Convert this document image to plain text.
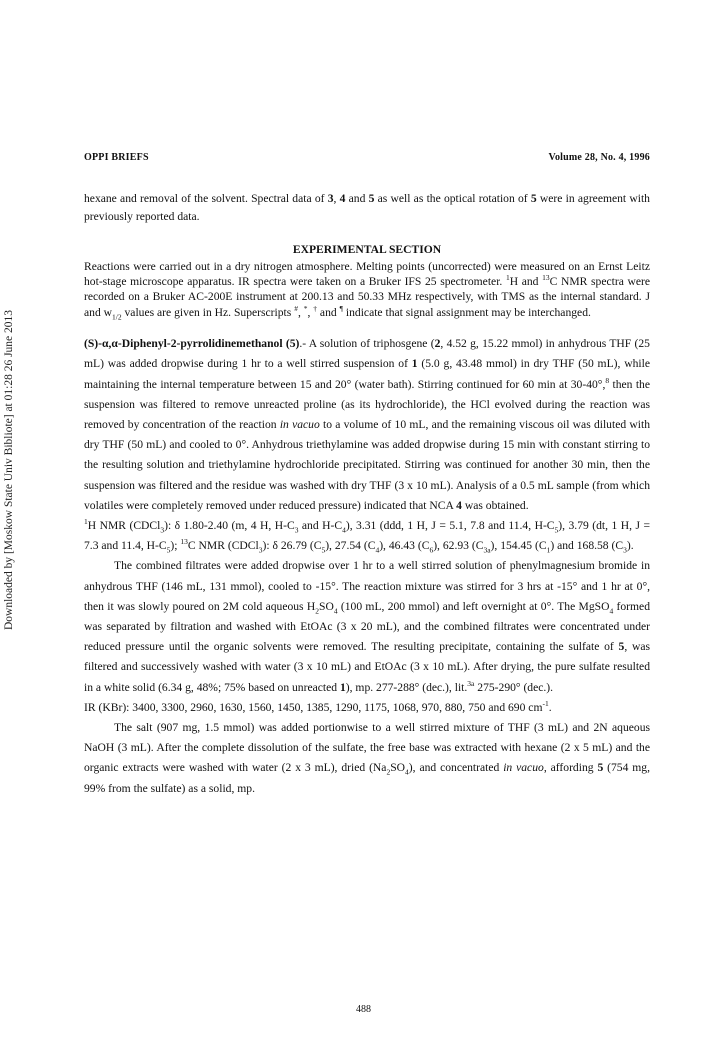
Downloaded by [Moskow State Univ Bibliote] at 01:28 26 June 2013
OPPI BRIEFS	Volume 28, No. 4, 1996

hexane and removal of the solvent. Spectral data of 3, 4 and 5 as well as the optical rotation of 5 were in agreement with previously reported data.

EXPERIMENTAL SECTION

Reactions were carried out in a dry nitrogen atmosphere. Melting points (uncorrected) were measured on an Ernst Leitz hot-stage microscope apparatus. IR spectra were taken on a Bruker IFS 25 spectrometer. $^1$H and $^{13}$C NMR spectra were recorded on a Bruker AC-200E instrument at 200.13 and 50.33 MHz respectively, with TMS as the internal standard. J and $w_{1/2}$ values are given in Hz. Superscripts #, *, † and ¶ indicate that signal assignment may be interchanged.

(S)-α,α-Diphenyl-2-pyrrolidinemethanol (5).- A solution of triphosgene (2, 4.52 g, 15.22 mmol) in anhydrous THF (25 mL) was added dropwise during 1 hr to a well stirred suspension of 1 (5.0 g, 43.48 mmol) in dry THF (50 mL), while maintaining the internal temperature between 15 and 20° (water bath). Stirring continued for 60 min at 30-40°,$^8$ then the suspension was filtered to remove unreacted proline (as its hydrochloride), the HCl evolved during the reaction was removed by concentration of the reaction in vacuo to a volume of 10 mL, and the remaining viscous oil was diluted with dry THF (50 mL) and cooled to 0°. Anhydrous triethylamine was added dropwise during 15 min with constant stirring to the resulting solution and triethylamine hydrochloride precipitated. Stirring was continued for another 30 min, then the suspension was filtered and the residue was washed with dry THF (3 x 10 mL). Analysis of a 0.5 mL sample (from which volatiles were completely removed under reduced pressure) indicated that NCA 4 was obtained.

$^1$H NMR (CDCl$_3$): δ 1.80-2.40 (m, 4 H, $H-C_3$ and $H-C_4$), 3.31 (ddd, 1 H, J = 5.1, 7.8 and 11.4, $H-C_5$), 3.79 (dt, 1 H, J = 7.3 and 11.4, $H-C_5$); $^{13}$C NMR (CDCl$_3$): δ 26.79 $(C_5)$, 27.54 $(C_4)$, 46.43 $(C_6)$, 62.93 $(C_{3a})$, 154.45 $(C_1)$ and 168.58 $(C_3)$.

The combined filtrates were added dropwise over 1 hr to a well stirred solution of phenylmagnesium bromide in anhydrous THF (146 mL, 131 mmol), cooled to -15°. The reaction mixture was stirred for 3 hrs at -15° and 1 hr at 0°, then it was slowly poured on 2M cold aqueous $H_2SO_4$ (100 mL, 200 mmol) and left overnight at 0°. The MgSO$_4$ formed was separated by filtration and washed with EtOAc (3 x 20 mL), and the combined filtrates were concentrated under reduced pressure until the organic solvents were removed. The resulting precipitate, containing the sulfate of 5, was filtered and successively washed with water (3 x 10 mL) and EtOAc (3 x 10 mL). After drying, the pure sulfate resulted in a white solid (6.34 g, 48%; 75% based on unreacted 1), mp. 277-288° (dec.), lit.$^{3a}$ 275-290° (dec.).

IR (KBr): 3400, 3300, 2960, 1630, 1560, 1450, 1385, 1290, 1175, 1068, 970, 880, 750 and 690 $cm^{-1}$.

The salt (907 mg, 1.5 mmol) was added portionwise to a well stirred mixture of THF (3 mL) and 2N aqueous NaOH (3 mL). After the complete dissolution of the sulfate, the free base was extracted with hexane (2 x 5 mL) and the organic extracts were washed with water (2 x 3 mL), dried $(Na_2SO_4)$, and concentrated in vacuo, affording 5 (754 mg, 99% from the sulfate) as a solid, mp.

488
